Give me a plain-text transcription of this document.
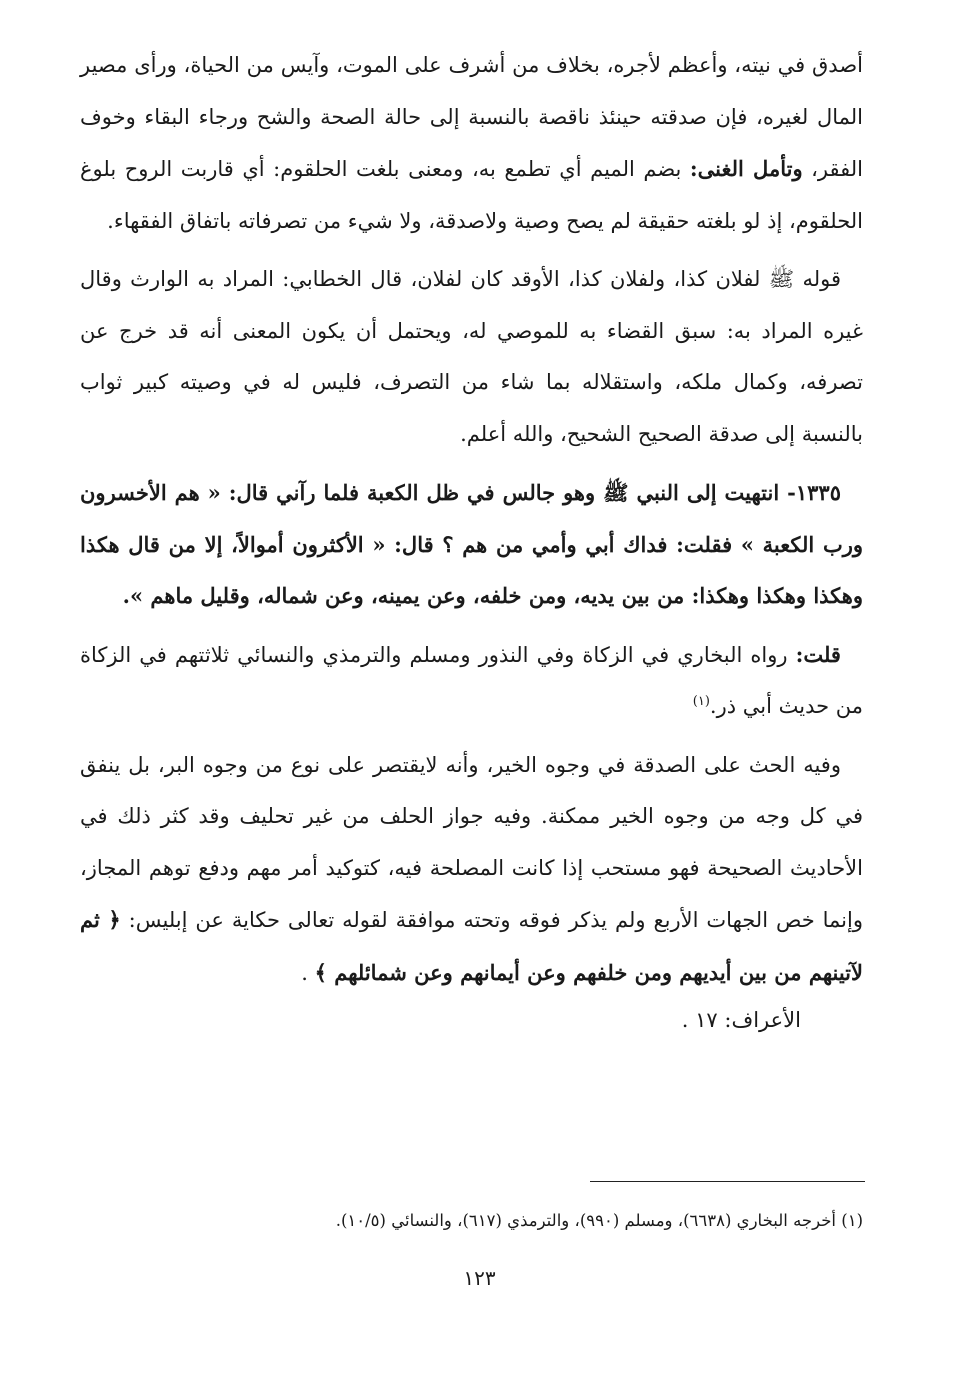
أصدق في نيته، وأعظم لأجره، بخلاف من أشرف على الموت، وآيس من الحياة، ورأى مصير المال لغيره، فإن صدقته حينئذ ناقصة بالنسبة إلى حالة الصحة والشح ورجاء البقاء وخوف الفقر، وتأمل الغنى: بضم الميم أي تطمع به، ومعنى بلغت الحلقوم: أي قاربت الروح بلوغ الحلقوم، إذ لو بلغته حقيقة لم يصح وصية ولاصدقة، ولا شيء من تصرفاته باتفاق الفقهاء.

قوله ﷺ لفلان كذا، ولفلان كذا، الأوقد كان لفلان، قال الخطابي: المراد به الوارث وقال غيره المراد به: سبق القضاء به للموصي له، ويحتمل أن يكون المعنى أنه قد خرج عن تصرفه، وكمال ملكه، واستقلاله بما شاء من التصرف، فليس له في وصيته كبير ثواب بالنسبة إلى صدقة الصحيح الشحيح، والله أعلم.

١٣٣٥- انتهيت إلى النبي ﷺ وهو جالس في ظل الكعبة فلما رآني قال: « هم الأخسرون ورب الكعبة » فقلت: فداك أبي وأمي من هم ؟ قال: « الأكثرون أموالاً، إلا من قال هكذا وهكذا وهكذا وهكذا: من بين يديه، ومن خلفه، وعن يمينه، وعن شماله، وقليل ماهم ».

قلت: رواه البخاري في الزكاة وفي النذور ومسلم والترمذي والنسائي ثلاثتهم في الزكاة من حديث أبي ذر.$^{(١)}$

وفيه الحث على الصدقة في وجوه الخير، وأنه لايقتصر على نوع من وجوه البر، بل ينفق في كل وجه من وجوه الخير ممكنة. وفيه جواز الحلف من غير تحليف وقد كثر ذلك في الأحاديث الصحيحة فهو مستحب إذا كانت المصلحة فيه، كتوكيد أمر مهم ودفع توهم المجاز، وإنما خص الجهات الأربع ولم يذكر فوقه وتحته موافقة لقوله تعالى حكاية عن إبليس: ﴿ ثم لآتينهم من بين أيديهم ومن خلفهم وعن أيمانهم وعن شمائلهم ﴾ .
الأعراف: ١٧ .

(١) أخرجه البخاري (٦٦٣٨)، ومسلم (٩٩٠)، والترمذي (٦١٧)، والنسائي (١٠/٥).
١٢٣
